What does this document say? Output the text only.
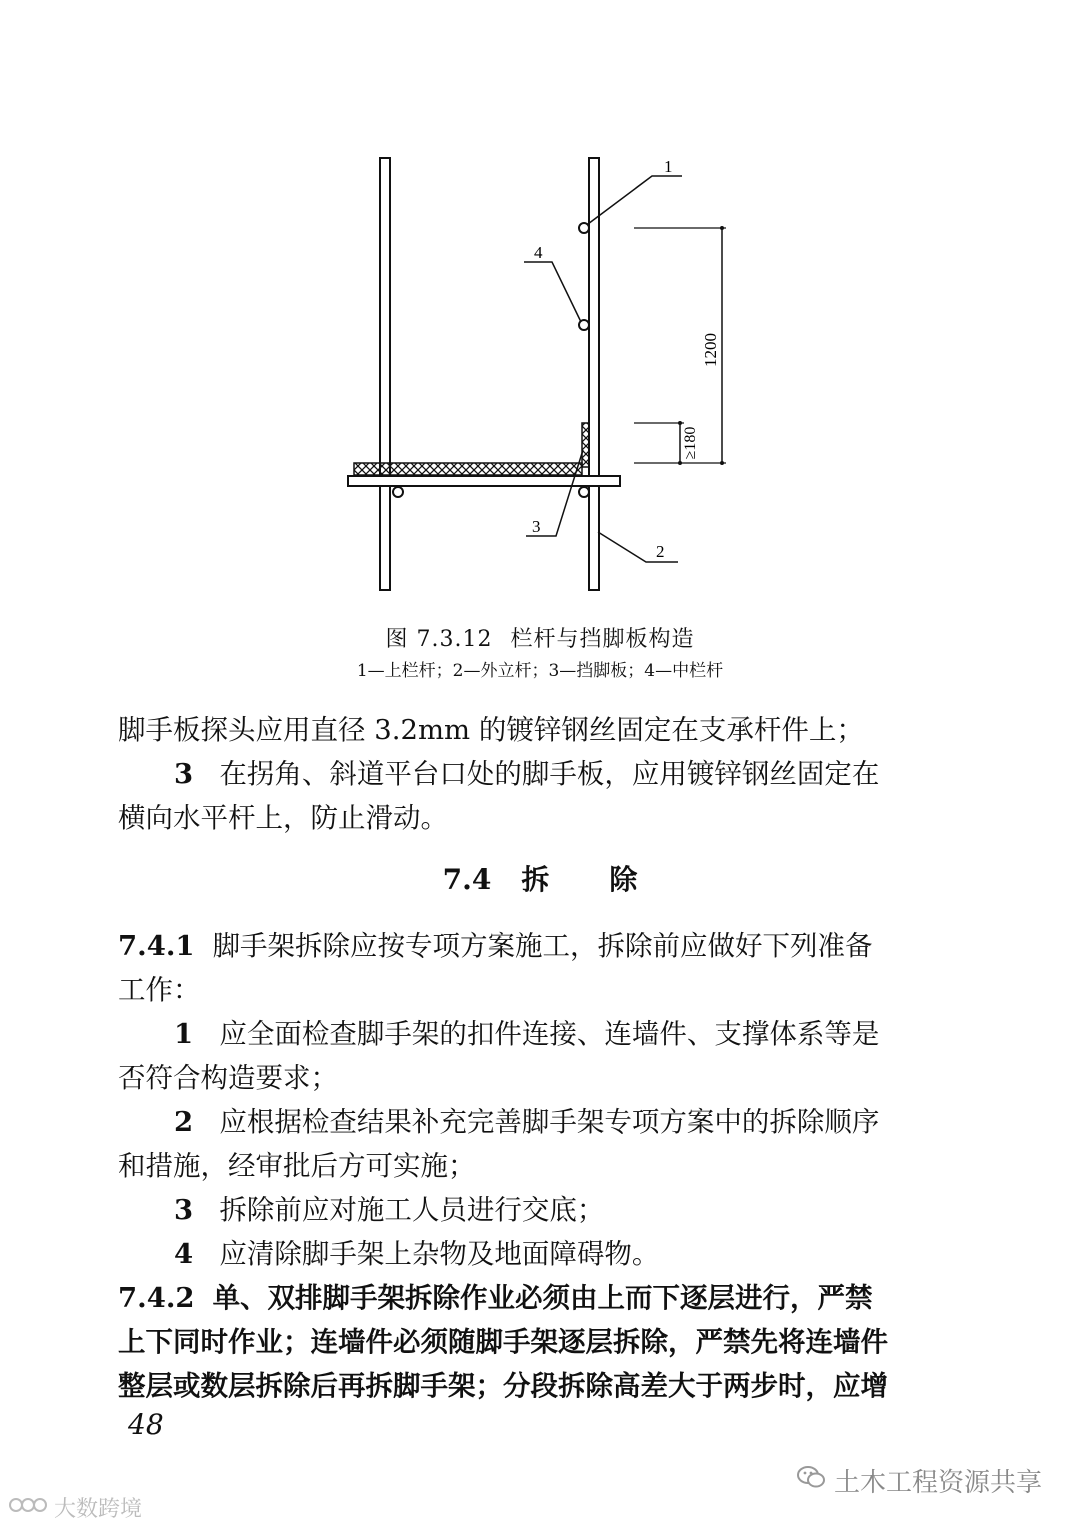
1
4
3
2
1200
≥180
图 7.3.12 栏杆与挡脚板构造
1—上栏杆；2—外立杆；3—挡脚板；4—中栏杆
脚手板探头应用直径 3.2mm 的镀锌钢丝固定在支承杆件上；
3 在拐角、斜道平台口处的脚手板，应用镀锌钢丝固定在
横向水平杆上，防止滑动。
7.4 拆 除
7.4.1 脚手架拆除应按专项方案施工，拆除前应做好下列准备
工作：
1 应全面检查脚手架的扣件连接、连墙件、支撑体系等是
否符合构造要求；
2 应根据检查结果补充完善脚手架专项方案中的拆除顺序
和措施，经审批后方可实施；
3 拆除前应对施工人员进行交底；
4 应清除脚手架上杂物及地面障碍物。
7.4.2 单、双排脚手架拆除作业必须由上而下逐层进行，严禁
上下同时作业；连墙件必须随脚手架逐层拆除，严禁先将连墙件
整层或数层拆除后再拆脚手架；分段拆除高差大于两步时，应增
48
土木工程资源共享
大数跨境
